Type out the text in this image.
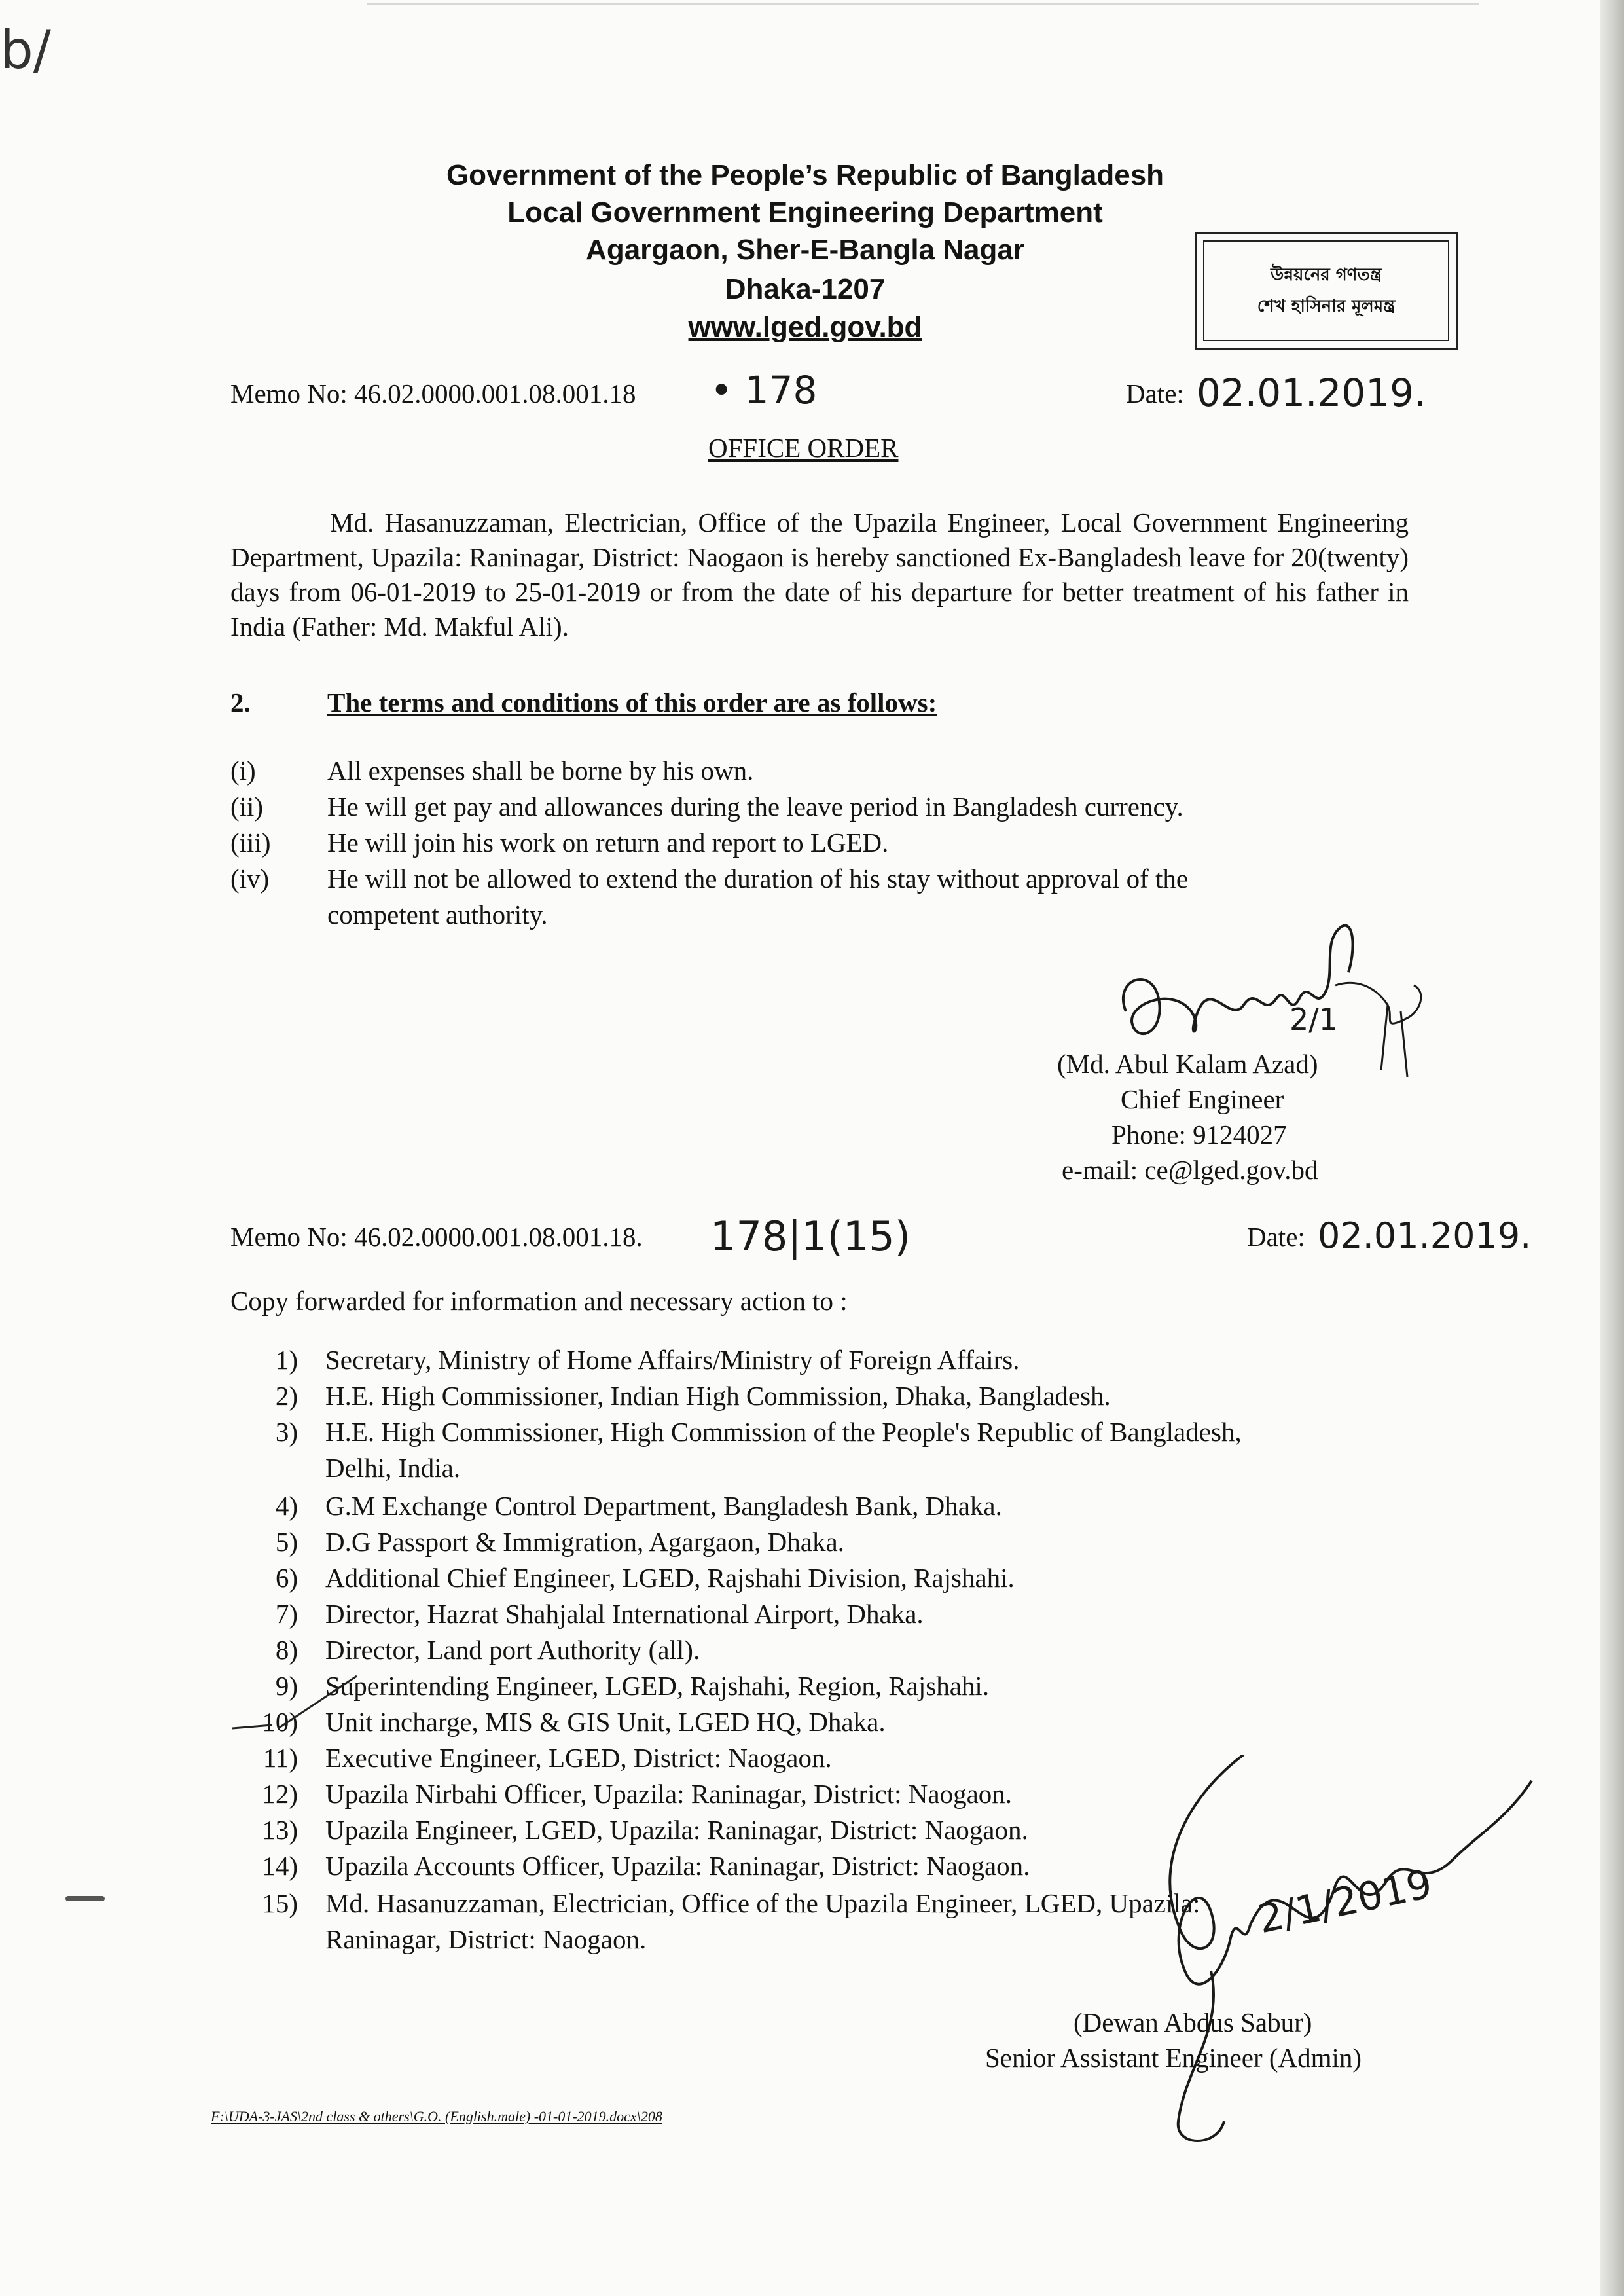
b/
Government of the People’s Republic of Bangladesh
Local Government Engineering Department
Agargaon, Sher-E-Bangla Nagar
Dhaka-1207
www.lged.gov.bd
উন্নয়নের গণতন্ত্র
শেখ হাসিনার মূলমন্ত্র
Memo No: 46.02.0000.001.08.001.18 • 178	Date: 02.01.2019.
OFFICE ORDER
Md. Hasanuzzaman, Electrician, Office of the Upazila Engineer, Local Government Engineering Department, Upazila: Raninagar, District: Naogaon is hereby sanctioned Ex-Bangladesh leave for 20(twenty) days from 06-01-2019 to 25-01-2019 or from the date of his departure for better treatment of his father in India (Father: Md. Makful Ali).
2.	The terms and conditions of this order are as follows:
(i)	All expenses shall be borne by his own.
(ii) He will get pay and allowances during the leave period in Bangladesh currency.
(iii) He will join his work on return and report to LGED.
(iv) He will not be allowed to extend the duration of his stay without approval of the
competent authority.
2/1
(Md. Abul Kalam Azad)
Chief Engineer
Phone: 9124027
e-mail: ce@lged.gov.bd
Memo No: 46.02.0000.001.08.001.18. 178|1(15)	Date: 02.01.2019.
Copy forwarded for information and necessary action to :
1) Secretary, Ministry of Home Affairs/Ministry of Foreign Affairs.
2) H.E. High Commissioner, Indian High Commission, Dhaka, Bangladesh.
3) H.E. High Commissioner, High Commission of the People's Republic of Bangladesh,
Delhi, India.
4) G.M Exchange Control Department, Bangladesh Bank, Dhaka.
5) D.G Passport & Immigration, Agargaon, Dhaka.
6) Additional Chief Engineer, LGED, Rajshahi Division, Rajshahi.
7) Director, Hazrat Shahjalal International Airport, Dhaka.
8) Director, Land port Authority (all).
9) Superintending Engineer, LGED, Rajshahi, Region, Rajshahi.
10) Unit incharge, MIS & GIS Unit, LGED HQ, Dhaka.
11) Executive Engineer, LGED, District: Naogaon.
12) Upazila Nirbahi Officer, Upazila: Raninagar, District: Naogaon.
13) Upazila Engineer, LGED, Upazila: Raninagar, District: Naogaon.
14) Upazila Accounts Officer, Upazila: Raninagar, District: Naogaon.
15) Md. Hasanuzzaman, Electrician, Office of the Upazila Engineer, LGED, Upazila:
Raninagar, District: Naogaon.	2/1/2019
(Dewan Abdus Sabur)
Senior Assistant Engineer (Admin)
F:\UDA-3-JAS\2nd class & others\G.O. (English.male) -01-01-2019.docx\208
